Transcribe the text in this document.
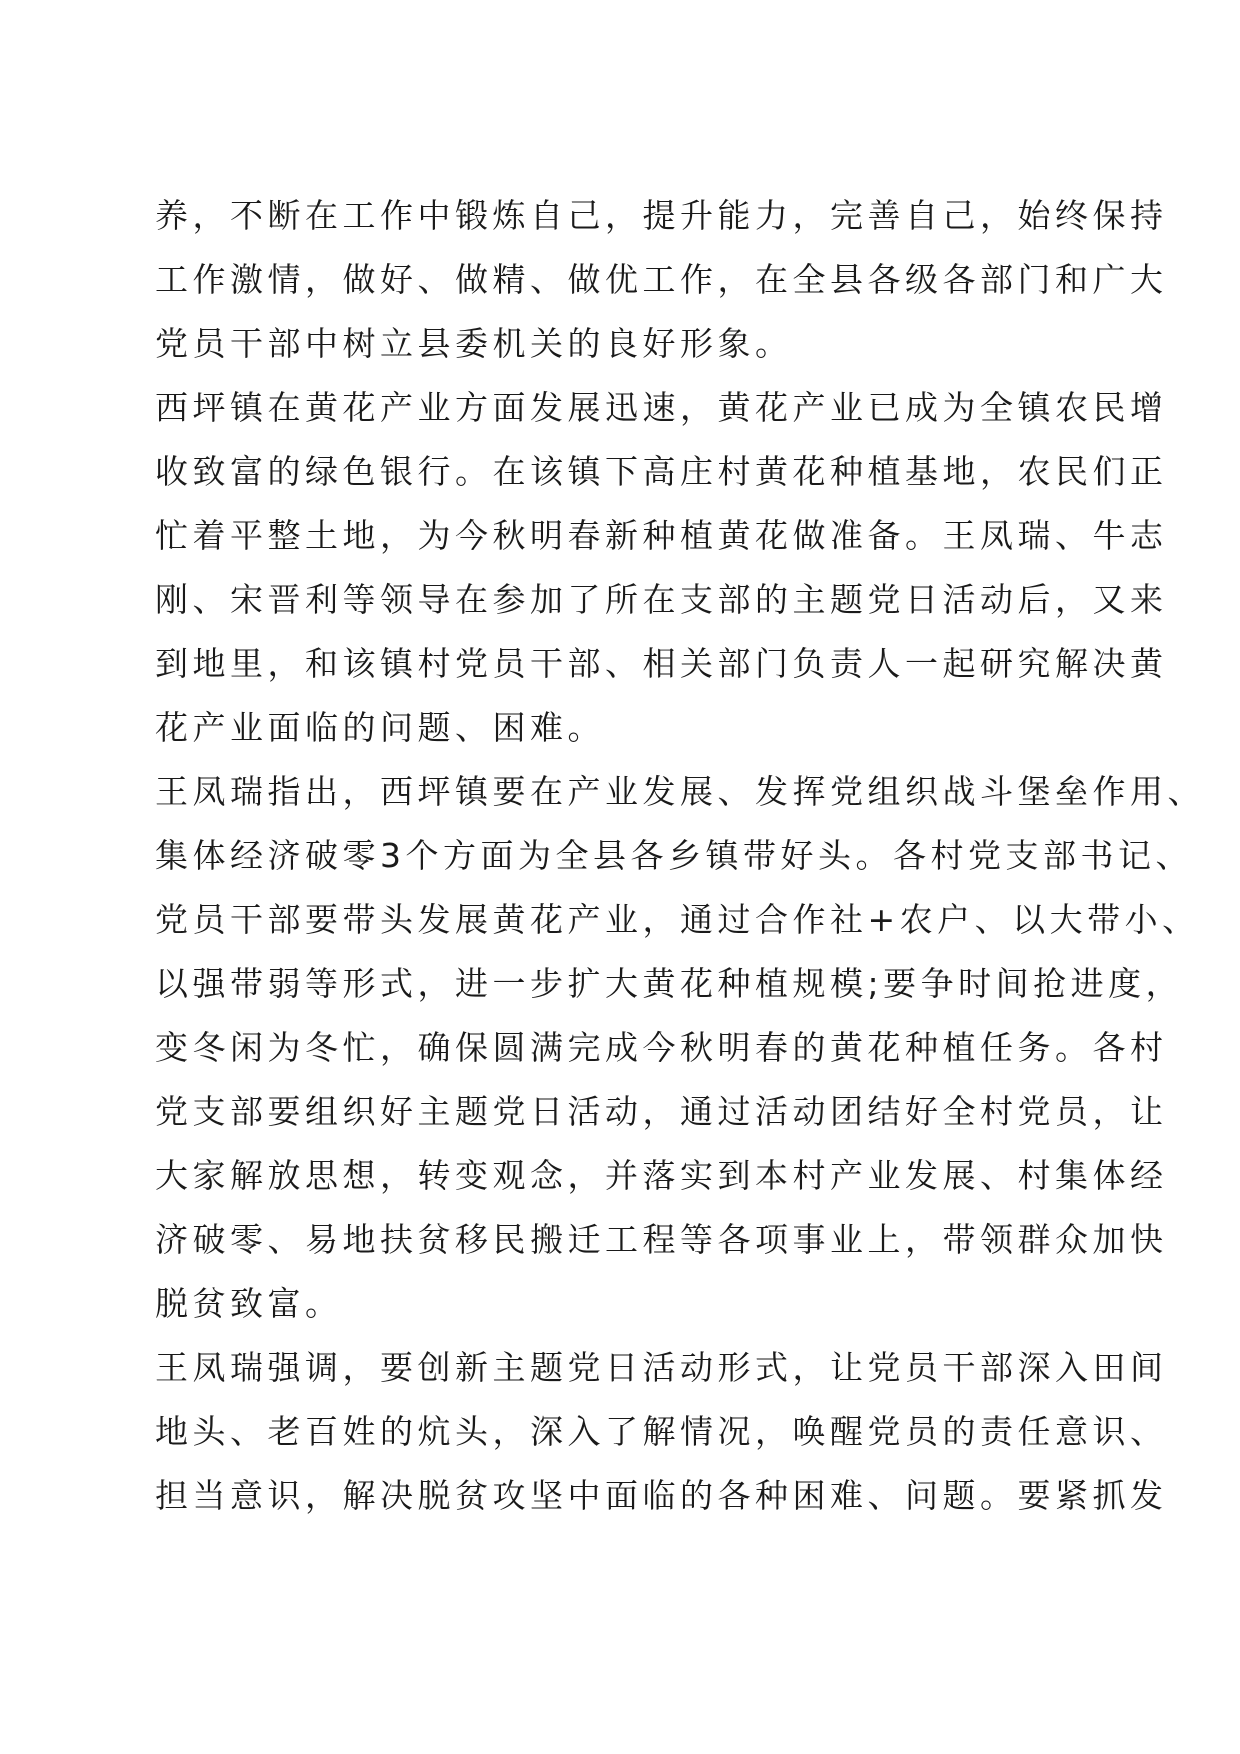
养，不断在工作中锻炼自己，提升能力，完善自己，始终保持
工作激情，做好、做精、做优工作，在全县各级各部门和广大
党员干部中树立县委机关的良好形象。
西坪镇在黄花产业方面发展迅速，黄花产业已成为全镇农民增
收致富的绿色银行。在该镇下高庄村黄花种植基地，农民们正
忙着平整土地，为今秋明春新种植黄花做准备。王凤瑞、牛志
刚、宋晋利等领导在参加了所在支部的主题党日活动后，又来
到地里，和该镇村党员干部、相关部门负责人一起研究解决黄
花产业面临的问题、困难。
王凤瑞指出，西坪镇要在产业发展、发挥党组织战斗堡垒作用、
集体经济破零3个方面为全县各乡镇带好头。各村党支部书记、
党员干部要带头发展黄花产业，通过合作社+农户、以大带小、
以强带弱等形式，进一步扩大黄花种植规模;要争时间抢进度，
变冬闲为冬忙，确保圆满完成今秋明春的黄花种植任务。各村
党支部要组织好主题党日活动，通过活动团结好全村党员，让
大家解放思想，转变观念，并落实到本村产业发展、村集体经
济破零、易地扶贫移民搬迁工程等各项事业上，带领群众加快
脱贫致富。
王凤瑞强调，要创新主题党日活动形式，让党员干部深入田间
地头、老百姓的炕头，深入了解情况，唤醒党员的责任意识、
担当意识，解决脱贫攻坚中面临的各种困难、问题。要紧抓发
